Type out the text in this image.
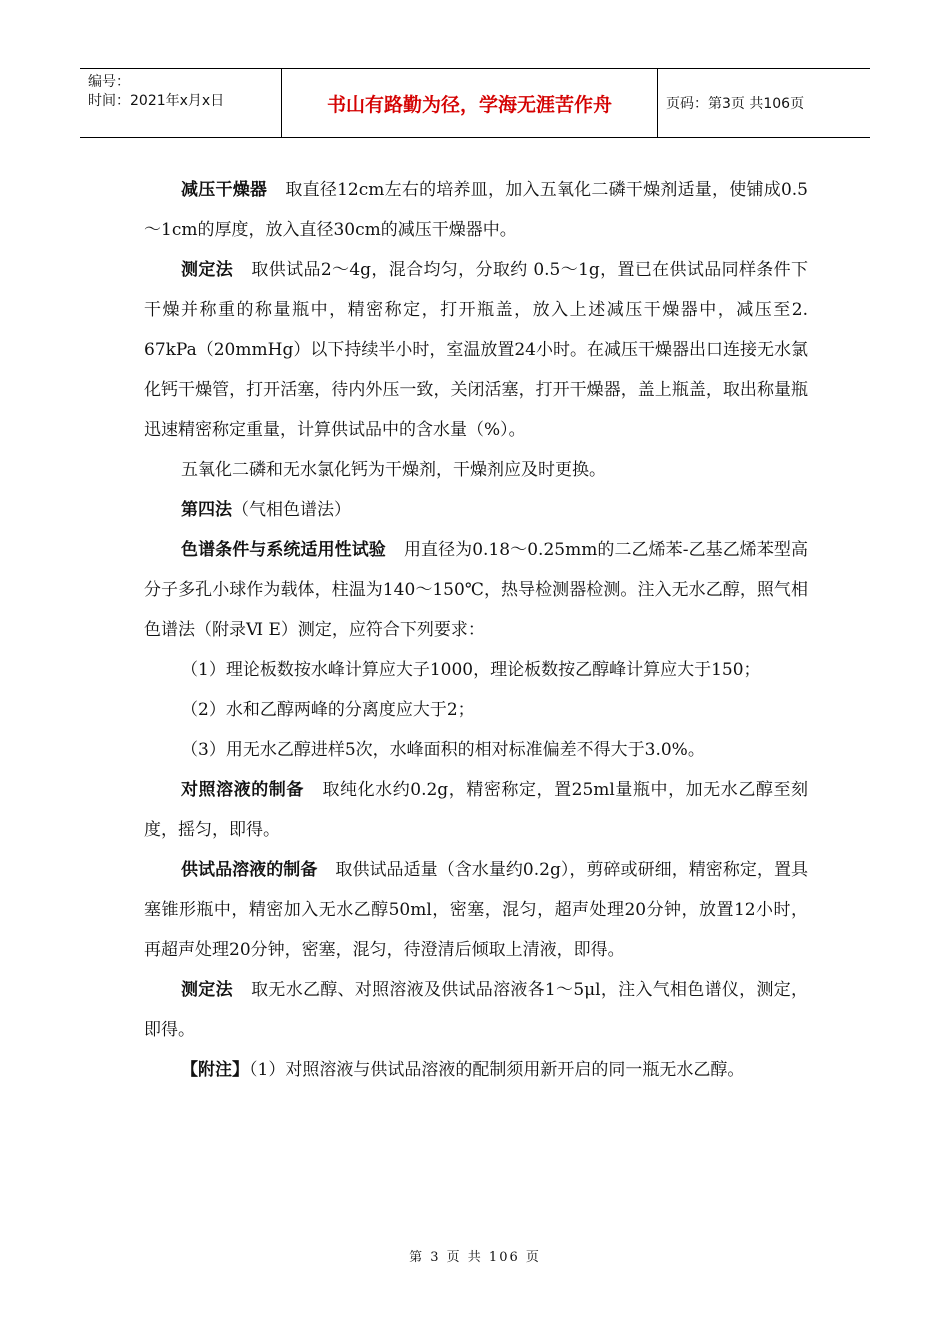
编号：
时间：2021年x月x日	书山有路勤为径，学海无涯苦作舟	页码：第3页 共106页

减压干燥器 取直径12cm左右的培养皿，加入五氧化二磷干燥剂适量，使铺成0.5～1cm的厚度，放入直径30cm的减压干燥器中。

测定法 取供试品2～4g，混合均匀，分取约 0.5～1g，置已在供试品同样条件下干燥并称重的称量瓶中，精密称定，打开瓶盖，放入上述减压干燥器中，减压至2. 67kPa（20mmHg）以下持续半小时，室温放置24小时。在减压干燥器出口连接无水氯化钙干燥管，打开活塞，待内外压一致，关闭活塞，打开干燥器，盖上瓶盖，取出称量瓶迅速精密称定重量，计算供试品中的含水量（%）。

五氧化二磷和无水氯化钙为干燥剂，干燥剂应及时更换。

第四法（气相色谱法）

色谱条件与系统适用性试验 用直径为0.18～0.25mm的二乙烯苯-乙基乙烯苯型高分子多孔小球作为载体，柱温为140～150℃，热导检测器检测。注入无水乙醇，照气相色谱法（附录Ⅵ E）测定，应符合下列要求：

（1）理论板数按水峰计算应大子1000，理论板数按乙醇峰计算应大于150；

（2）水和乙醇两峰的分离度应大于2；

（3）用无水乙醇进样5次，水峰面积的相对标准偏差不得大于3.0%。

对照溶液的制备 取纯化水约0.2g，精密称定，置25ml量瓶中，加无水乙醇至刻度，摇匀，即得。

供试品溶液的制备 取供试品适量（含水量约0.2g），剪碎或研细，精密称定，置具塞锥形瓶中，精密加入无水乙醇50ml，密塞，混匀，超声处理20分钟，放置12小时，再超声处理20分钟，密塞，混匀，待澄清后倾取上清液，即得。

测定法 取无水乙醇、对照溶液及供试品溶液各1～5μl，注入气相色谱仪，测定，即得。

【附注】（1）对照溶液与供试品溶液的配制须用新开启的同一瓶无水乙醇。

第 3 页 共 106 页
